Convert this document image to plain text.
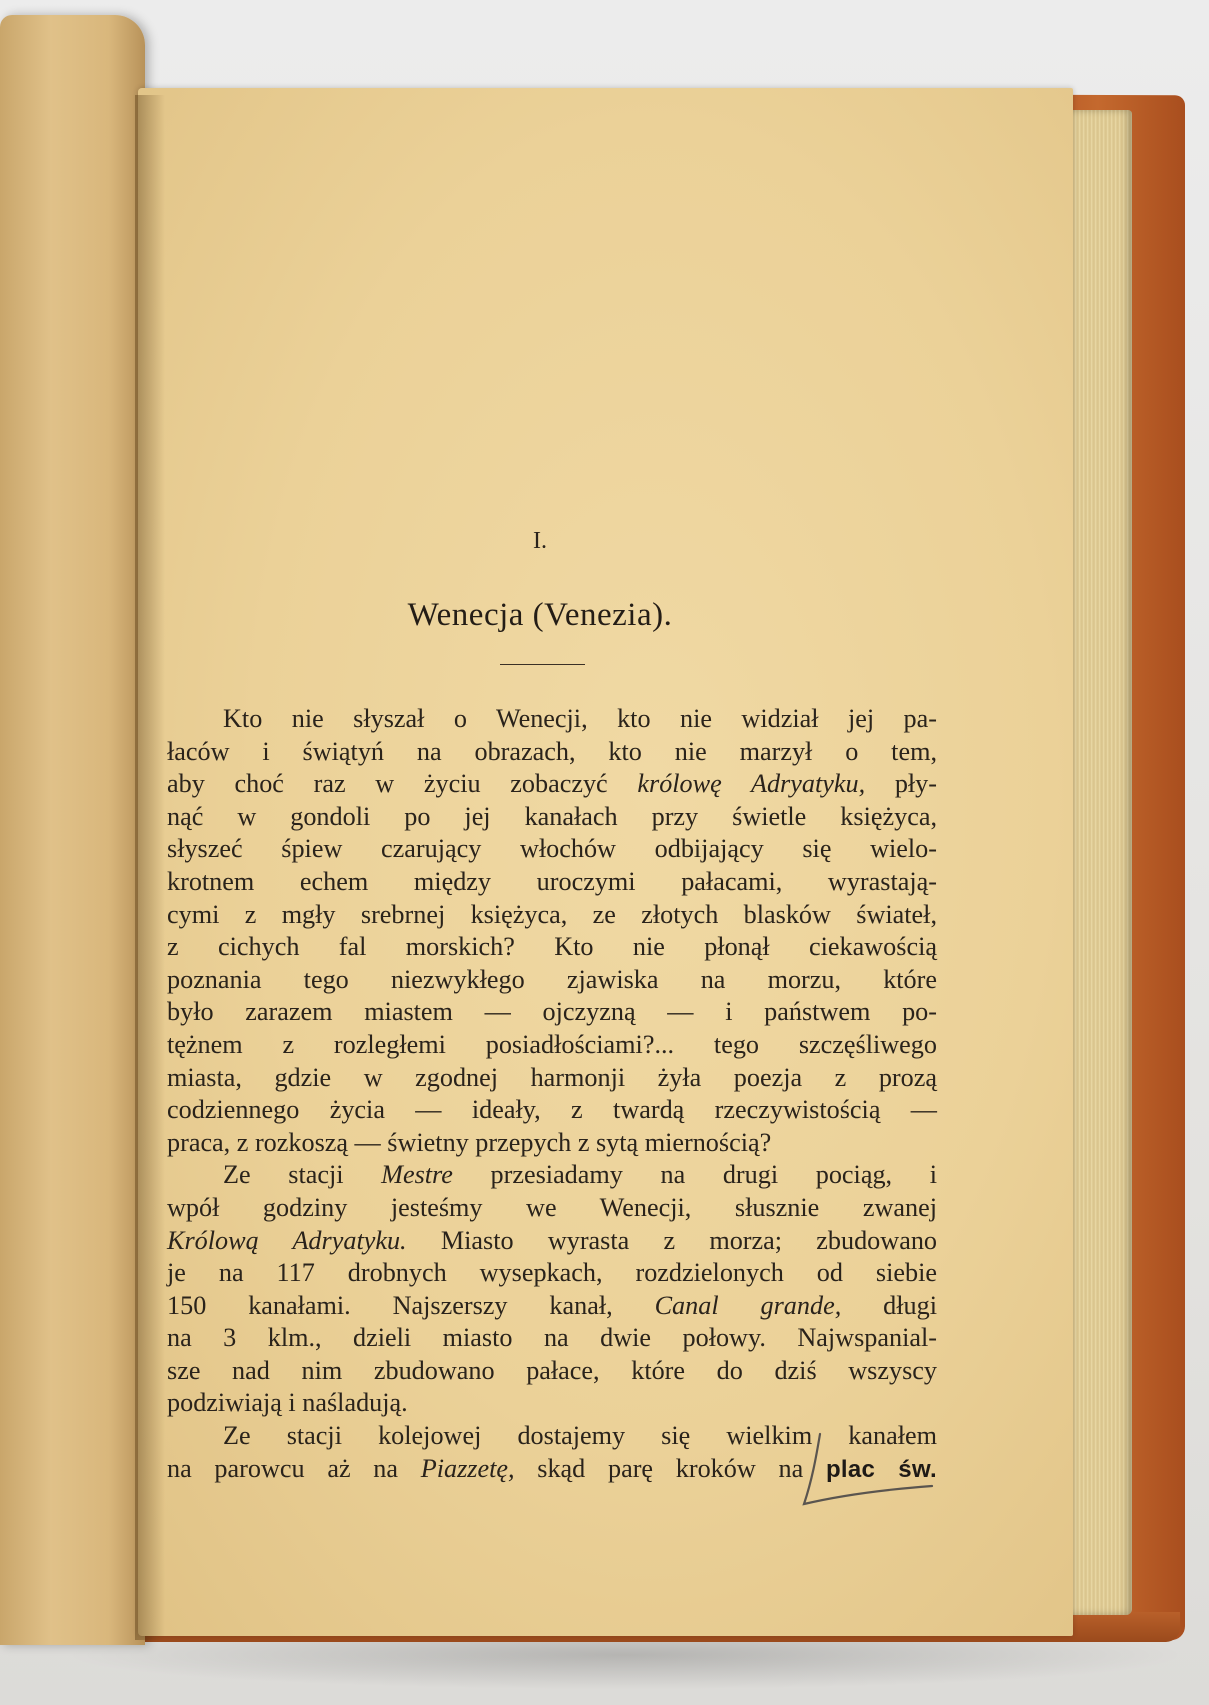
I.
Wenecja (Venezia).
Kto nie słyszał o Wenecji, kto nie widział jej pa-
łaców i świątyń na obrazach, kto nie marzył o tem,
aby choć raz w życiu zobaczyć królowę Adryatyku, pły-
nąć w gondoli po jej kanałach przy świetle księżyca,
słyszeć śpiew czarujący włochów odbijający się wielo-
krotnem echem między uroczymi pałacami, wyrastają-
cymi z mgły srebrnej księżyca, ze złotych blasków świateł,
z cichych fal morskich? Kto nie płonął ciekawością
poznania tego niezwykłego zjawiska na morzu, które
było zarazem miastem — ojczyzną — i państwem po-
tężnem z rozległemi posiadłościami?... tego szczęśliwego
miasta, gdzie w zgodnej harmonji żyła poezja z prozą
codziennego życia — ideały, z twardą rzeczywistością —
praca, z rozkoszą — świetny przepych z sytą miernością?
Ze stacji Mestre przesiadamy na drugi pociąg, i
wpół godziny jesteśmy we Wenecji, słusznie zwanej
Królową Adryatyku. Miasto wyrasta z morza; zbudowano
je na 117 drobnych wysepkach, rozdzielonych od siebie
150 kanałami. Najszerszy kanał, Canal grande, długi
na 3 klm., dzieli miasto na dwie połowy. Najwspanial-
sze nad nim zbudowano pałace, które do dziś wszyscy
podziwiają i naśladują.
Ze stacji kolejowej dostajemy się wielkim kanałem
na parowcu aż na Piazzetę, skąd parę kroków na plac św.
